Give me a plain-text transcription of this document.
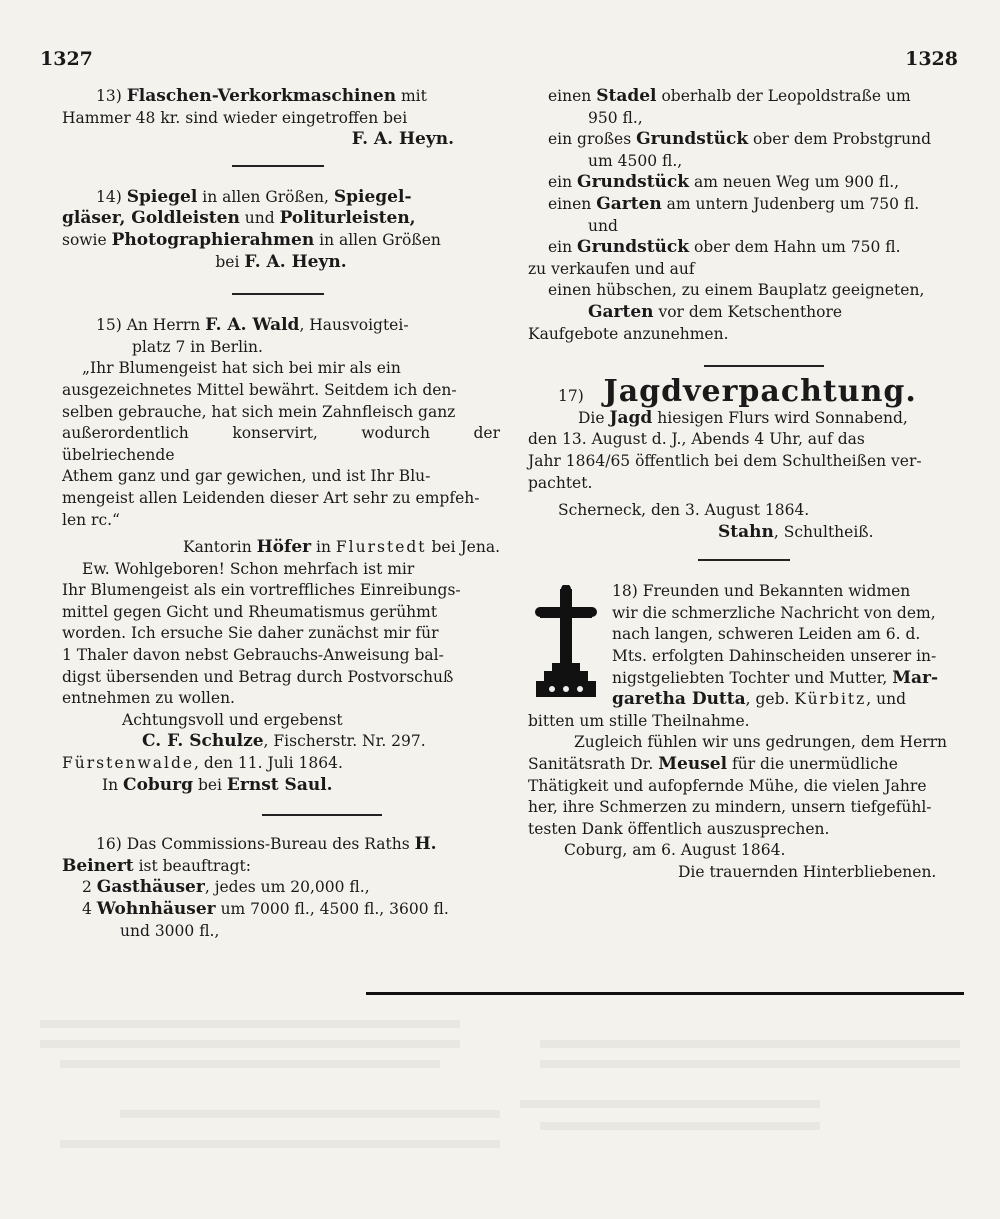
1327	1328

13) Flaschen-Verkorkmaschinen mit

Hammer 48 kr. sind wieder eingetroffen bei

F. A. Heyn.

14) Spiegel in allen Größen, Spiegel-

gläser, Goldleisten und Politurleisten,

sowie Photographierahmen in allen Größen

bei F. A. Heyn.

15) An Herrn F. A. Wald, Hausvoigtei-

platz 7 in Berlin.

„Ihr Blumengeist hat sich bei mir als ein

ausgezeichnetes Mittel bewährt. Seitdem ich den-

selben gebrauche, hat sich mein Zahnfleisch ganz

außerordentlich konservirt, wodurch der übelriechende

Athem ganz und gar gewichen, und ist Ihr Blu-

mengeist allen Leidenden dieser Art sehr zu empfeh-

len rc.“

Kantorin Höfer in Flurstedt bei Jena.

Ew. Wohlgeboren! Schon mehrfach ist mir

Ihr Blumengeist als ein vortreffliches Einreibungs-

mittel gegen Gicht und Rheumatismus gerühmt

worden. Ich ersuche Sie daher zunächst mir für

1 Thaler davon nebst Gebrauchs-Anweisung bal-

digst übersenden und Betrag durch Postvorschuß

entnehmen zu wollen.

Achtungsvoll und ergebenst

C. F. Schulze, Fischerstr. Nr. 297.

Fürstenwalde, den 11. Juli 1864.

In Coburg bei Ernst Saul.

16) Das Commissions-Bureau des Raths H.

Beinert ist beauftragt:

2 Gasthäuser, jedes um 20,000 fl.,

4 Wohnhäuser um 7000 fl., 4500 fl., 3600 fl.

und 3000 fl.,

einen Stadel oberhalb der Leopoldstraße um

950 fl.,

ein großes Grundstück ober dem Probstgrund

um 4500 fl.,

ein Grundstück am neuen Weg um 900 fl.,

einen Garten am untern Judenberg um 750 fl.

und

ein Grundstück ober dem Hahn um 750 fl.

zu verkaufen und auf

einen hübschen, zu einem Bauplatz geeigneten,

Garten vor dem Ketschenthore

Kaufgebote anzunehmen.

17) Jagdverpachtung.

Die Jagd hiesigen Flurs wird Sonnabend,

den 13. August d. J., Abends 4 Uhr, auf das

Jahr 1864/65 öffentlich bei dem Schultheißen ver-

pachtet.

Scherneck, den 3. August 1864.

Stahn, Schultheiß.

18) Freunden und Bekannten widmen

wir die schmerzliche Nachricht von dem,

nach langen, schweren Leiden am 6. d.

Mts. erfolgten Dahinscheiden unserer in-

nigstgeliebten Tochter und Mutter, Mar-

garetha Dutta, geb. Kürbitz, und

bitten um stille Theilnahme.

Zugleich fühlen wir uns gedrungen, dem Herrn

Sanitätsrath Dr. Meusel für die unermüdliche

Thätigkeit und aufopfernde Mühe, die vielen Jahre

her, ihre Schmerzen zu mindern, unsern tiefgefühl-

testen Dank öffentlich auszusprechen.

Coburg, am 6. August 1864.

Die trauernden Hinterbliebenen.
